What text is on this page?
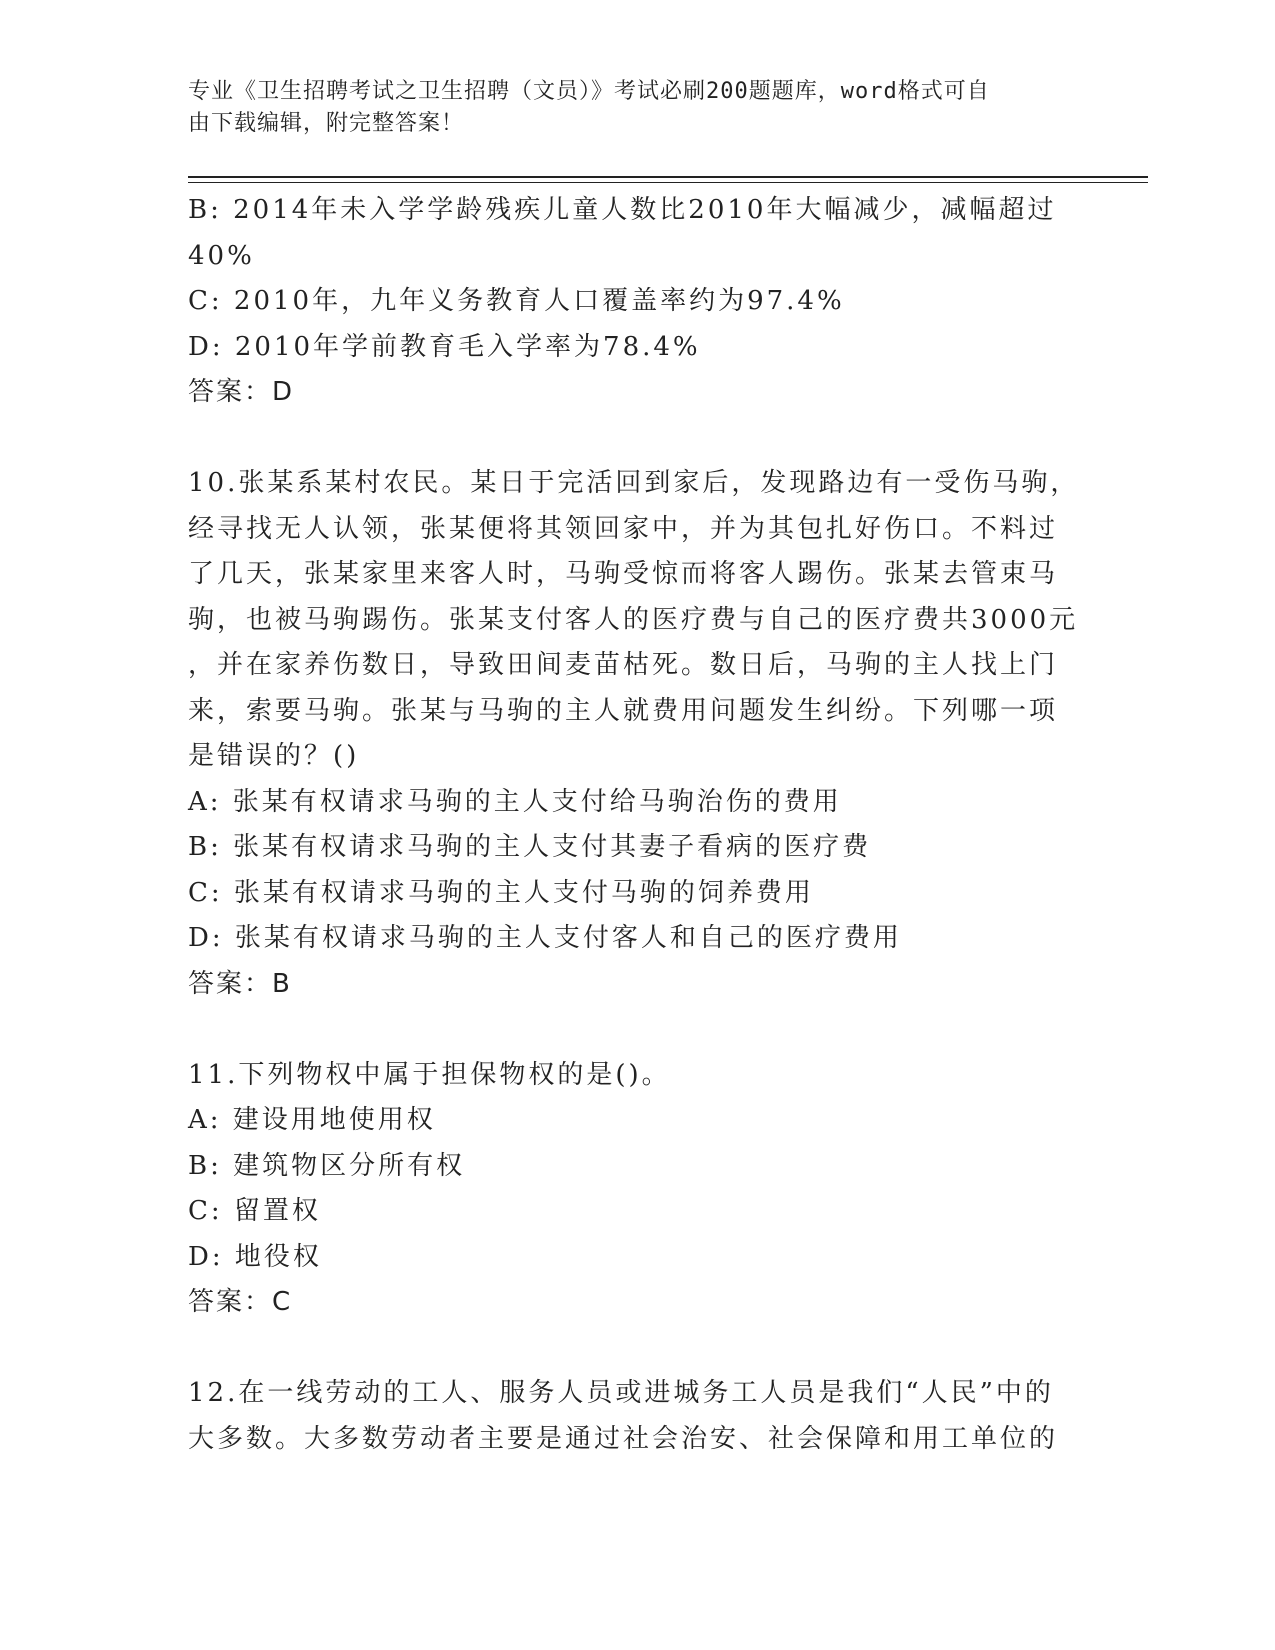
专业《卫生招聘考试之卫生招聘（文员）》考试必刷200题题库，word格式可自
由下载编辑，附完整答案！
B: 2014年未入学学龄残疾儿童人数比2010年大幅减少，减幅超过
40%
C: 2010年，九年义务教育人口覆盖率约为97.4%
D: 2010年学前教育毛入学率为78.4%
答案：D
10.张某系某村农民。某日于完活回到家后，发现路边有一受伤马驹，
经寻找无人认领，张某便将其领回家中，并为其包扎好伤口。不料过
了几天，张某家里来客人时，马驹受惊而将客人踢伤。张某去管束马
驹，也被马驹踢伤。张某支付客人的医疗费与自己的医疗费共3000元
，并在家养伤数日，导致田间麦苗枯死。数日后，马驹的主人找上门
来，索要马驹。张某与马驹的主人就费用问题发生纠纷。下列哪一项
是错误的？()
A: 张某有权请求马驹的主人支付给马驹治伤的费用
B: 张某有权请求马驹的主人支付其妻子看病的医疗费
C: 张某有权请求马驹的主人支付马驹的饲养费用
D: 张某有权请求马驹的主人支付客人和自己的医疗费用
答案：B
11.下列物权中属于担保物权的是()。
A: 建设用地使用权
B: 建筑物区分所有权
C: 留置权
D: 地役权
答案：C
12.在一线劳动的工人、服务人员或进城务工人员是我们“人民”中的
大多数。大多数劳动者主要是通过社会治安、社会保障和用工单位的
